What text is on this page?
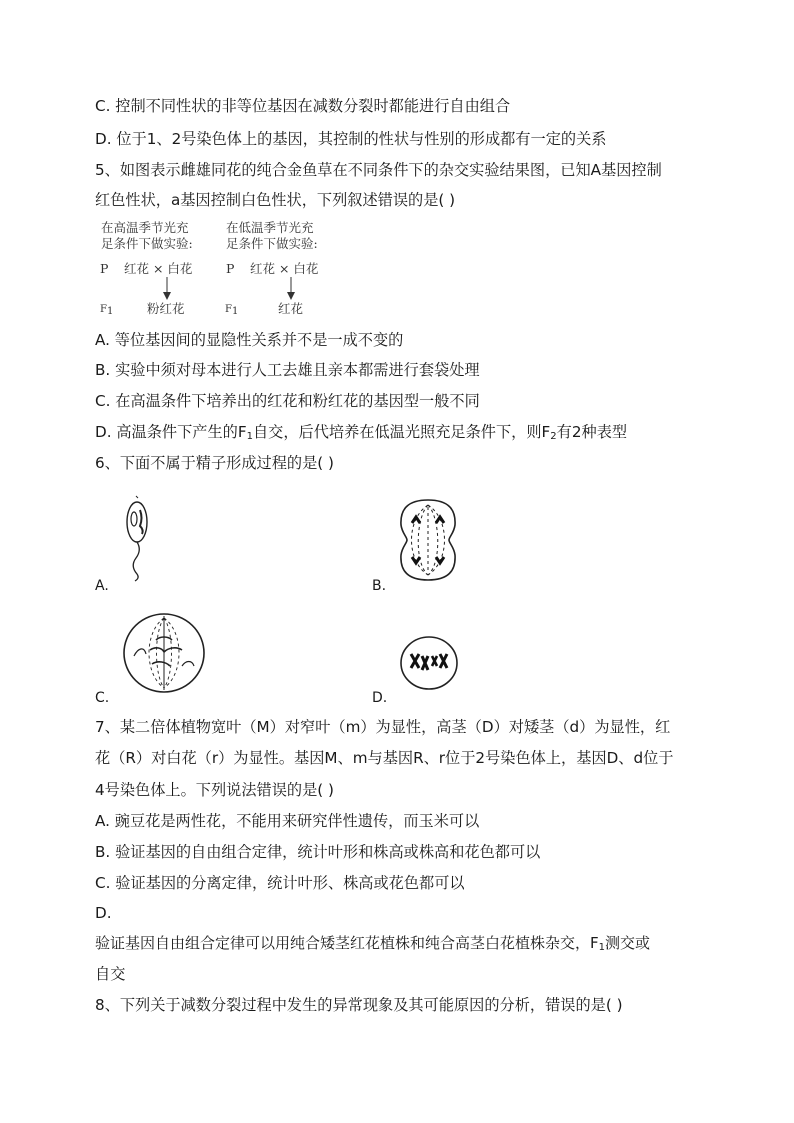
C. 控制不同性状的非等位基因在减数分裂时都能进行自由组合
D. 位于1、2号染色体上的基因，其控制的性状与性别的形成都有一定的关系
5、如图表示雌雄同花的纯合金鱼草在不同条件下的杂交实验结果图，已知A基因控制
红色性状，a基因控制白色性状，下列叙述错误的是( )
在高温季节光充
足条件下做实验:
在低温季节光充
足条件下做实验:
P 红花 × 白花	P 红花 × 白花
$F_1$	粉红花	$F_1$	红花
A. 等位基因间的显隐性关系并不是一成不变的
B. 实验中须对母本进行人工去雄且亲本都需进行套袋处理
C. 在高温条件下培养出的红花和粉红花的基因型一般不同
D. 高温条件下产生的$F_1$自交，后代培养在低温光照充足条件下，则$F_2$有2种表型
6、下面不属于精子形成过程的是( )
A.	B.
C.	D.
7、某二倍体植物宽叶（M）对窄叶（m）为显性，高茎（D）对矮茎（d）为显性，红
花（R）对白花（r）为显性。基因M、m与基因R、r位于2号染色体上，基因D、d位于
4号染色体上。下列说法错误的是( )
A. 豌豆花是两性花，不能用来研究伴性遗传，而玉米可以
B. 验证基因的自由组合定律，统计叶形和株高或株高和花色都可以
C. 验证基因的分离定律，统计叶形、株高或花色都可以
D.
验证基因自由组合定律可以用纯合矮茎红花植株和纯合高茎白花植株杂交，$F_1$测交或
自交
8、下列关于减数分裂过程中发生的异常现象及其可能原因的分析，错误的是( )
